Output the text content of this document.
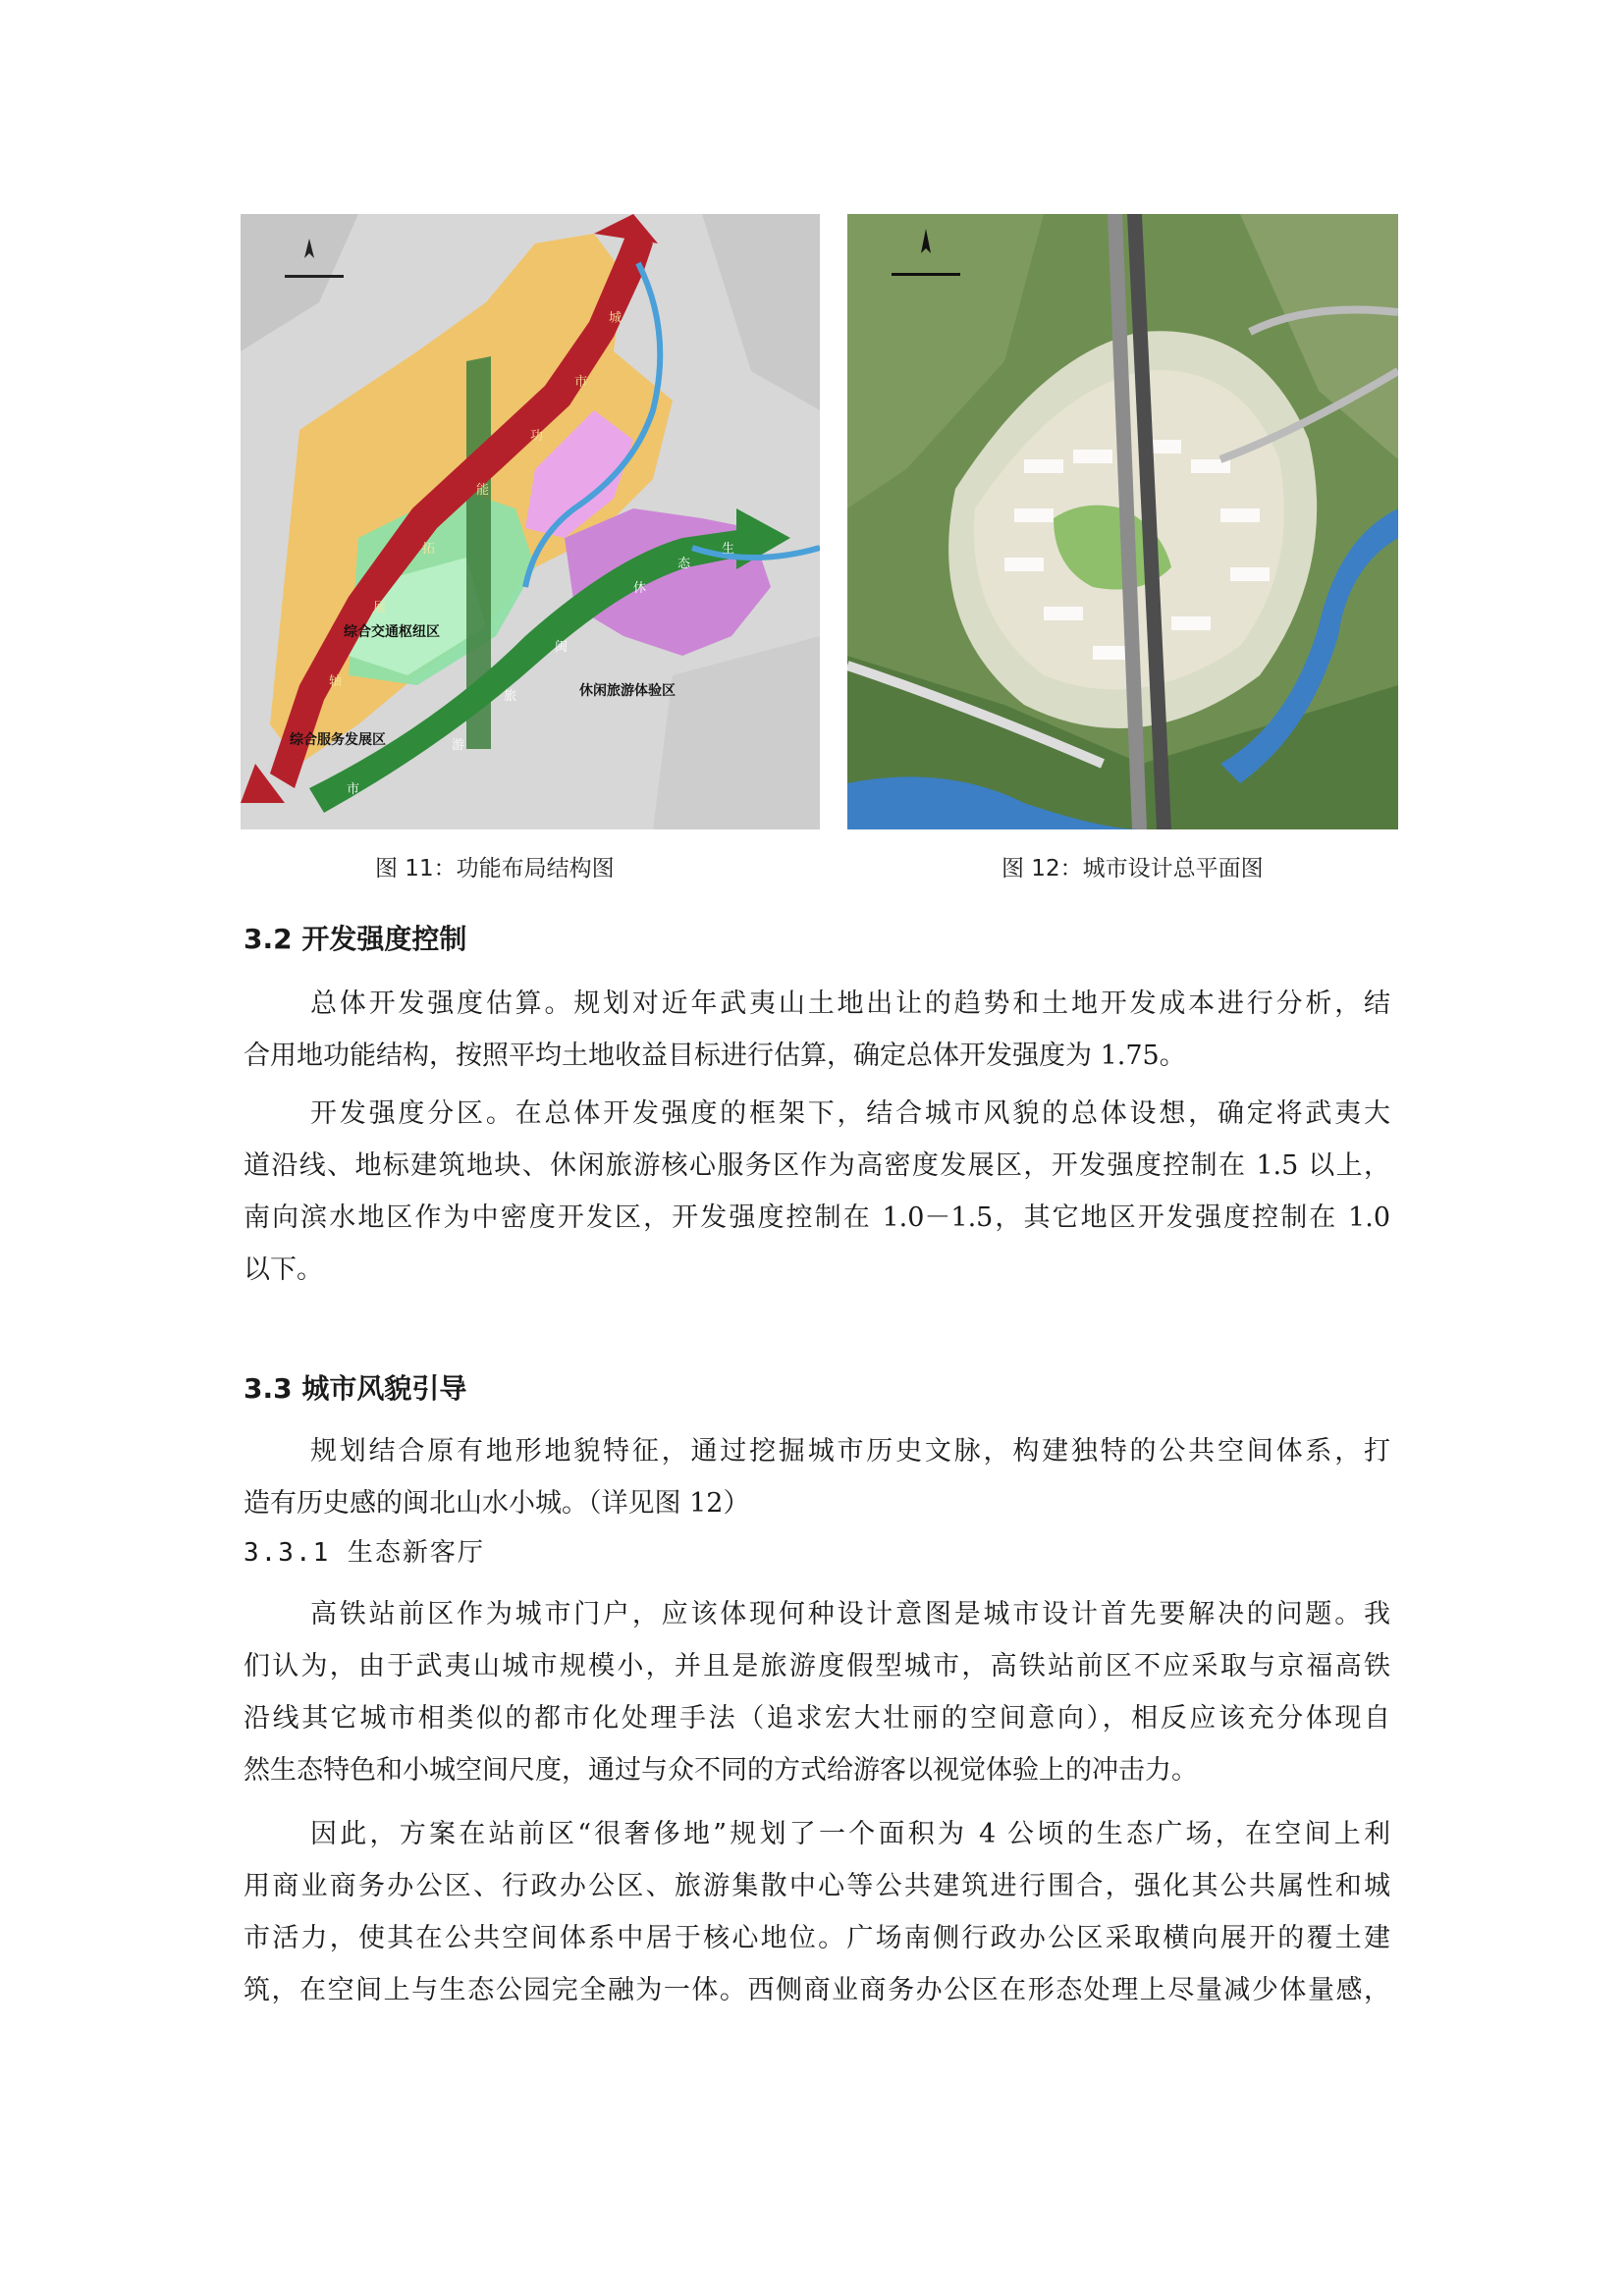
综合交通枢纽区
综合服务发展区
休闲旅游体验区
城
市
功
能
拓
展
轴
市
游
旅
闽
休
态
生
图 11：功能布局结构图	图 12：城市设计总平面图
3.2 开发强度控制

总体开发强度估算。规划对近年武夷山土地出让的趋势和土地开发成本进行分析，结
合用地功能结构，按照平均土地收益目标进行估算，确定总体开发强度为 1.75。

开发强度分区。在总体开发强度的框架下，结合城市风貌的总体设想，确定将武夷大
道沿线、地标建筑地块、休闲旅游核心服务区作为高密度发展区，开发强度控制在 1.5 以上，
南向滨水地区作为中密度开发区，开发强度控制在 1.0－1.5，其它地区开发强度控制在 1.0
以下。

3.3 城市风貌引导

规划结合原有地形地貌特征，通过挖掘城市历史文脉，构建独特的公共空间体系，打
造有历史感的闽北山水小城。（详见图 12）

3.3.1 生态新客厅

高铁站前区作为城市门户，应该体现何种设计意图是城市设计首先要解决的问题。我
们认为，由于武夷山城市规模小，并且是旅游度假型城市，高铁站前区不应采取与京福高铁
沿线其它城市相类似的都市化处理手法（追求宏大壮丽的空间意向），相反应该充分体现自
然生态特色和小城空间尺度，通过与众不同的方式给游客以视觉体验上的冲击力。

因此，方案在站前区“很奢侈地”规划了一个面积为 4 公顷的生态广场，在空间上利
用商业商务办公区、行政办公区、旅游集散中心等公共建筑进行围合，强化其公共属性和城
市活力，使其在公共空间体系中居于核心地位。广场南侧行政办公区采取横向展开的覆土建
筑，在空间上与生态公园完全融为一体。西侧商业商务办公区在形态处理上尽量减少体量感，
